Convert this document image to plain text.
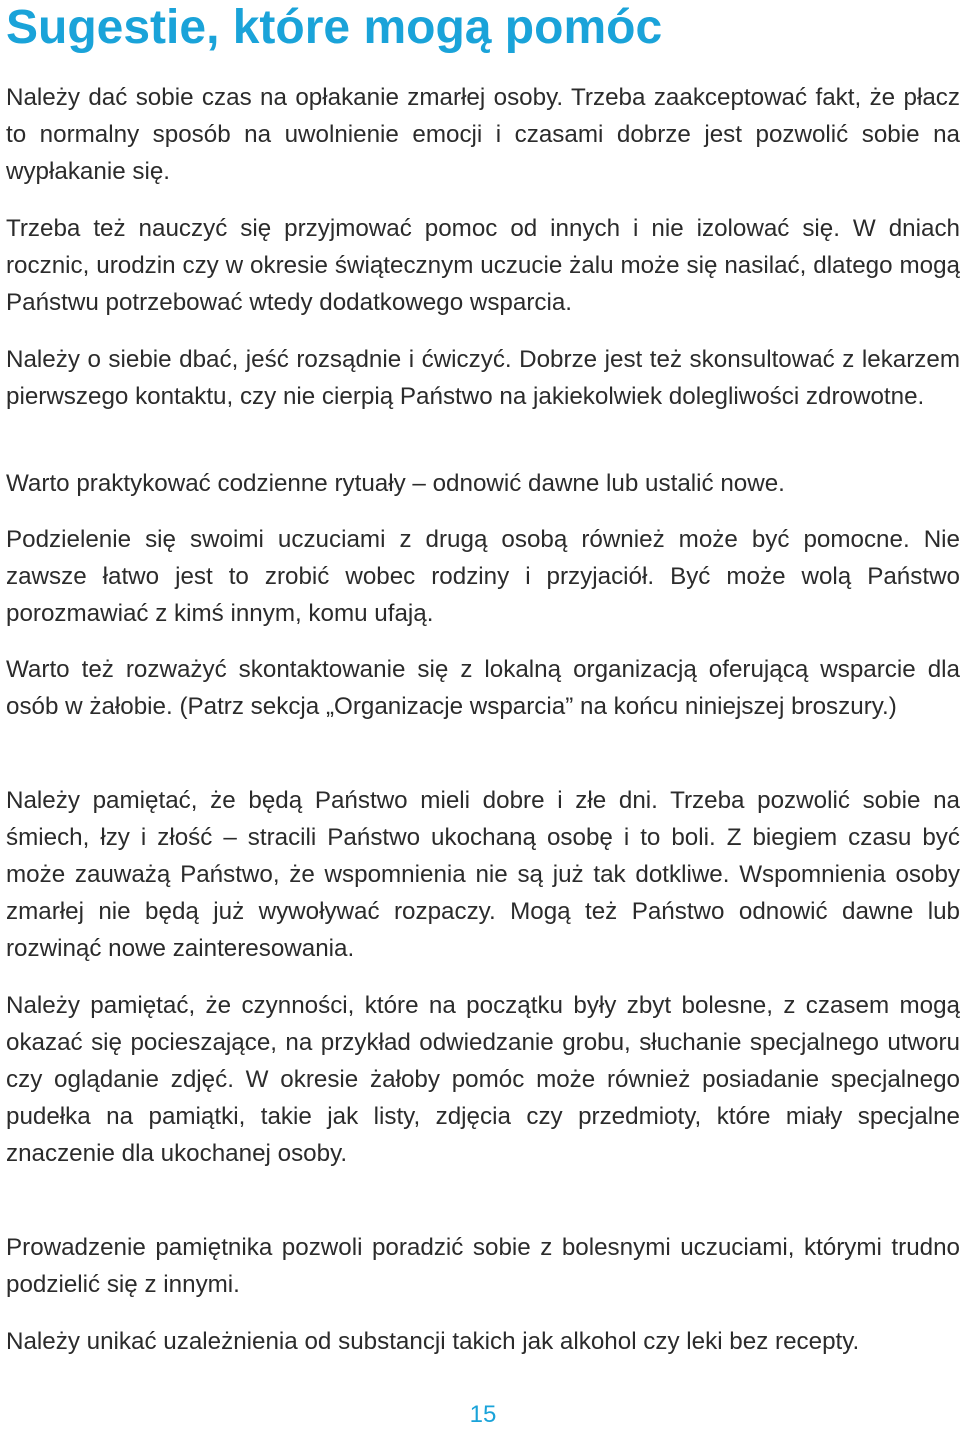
Sugestie, które mogą pomóc

Należy dać sobie czas na opłakanie zmarłej osoby. Trzeba zaakceptować fakt, że płacz to normalny sposób na uwolnienie emocji i czasami dobrze jest pozwolić sobie na wypłakanie się.

Trzeba też nauczyć się przyjmować pomoc od innych i nie izolować się. W dniach rocznic, urodzin czy w okresie świątecznym uczucie żalu może się nasilać, dlatego mogą Państwu potrzebować wtedy dodatkowego wsparcia.

Należy o siebie dbać, jeść rozsądnie i ćwiczyć. Dobrze jest też skonsultować z lekarzem pierwszego kontaktu, czy nie cierpią Państwo na jakiekolwiek dolegliwości zdrowotne.

Warto praktykować codzienne rytuały – odnowić dawne lub ustalić nowe.

Podzielenie się swoimi uczuciami z drugą osobą również może być pomocne. Nie zawsze łatwo jest to zrobić wobec rodziny i przyjaciół. Być może wolą Państwo porozmawiać z kimś innym, komu ufają.

Warto też rozważyć skontaktowanie się z lokalną organizacją oferującą wsparcie dla osób w żałobie. (Patrz sekcja „Organizacje wsparcia” na końcu niniejszej broszury.)

Należy pamiętać, że będą Państwo mieli dobre i złe dni. Trzeba pozwolić sobie na śmiech, łzy i złość – stracili Państwo ukochaną osobę i to boli. Z biegiem czasu być może zauważą Państwo, że wspomnienia nie są już tak dotkliwe. Wspomnienia osoby zmarłej nie będą już wywoływać rozpaczy. Mogą też Państwo odnowić dawne lub rozwinąć nowe zainteresowania.

Należy pamiętać, że czynności, które na początku były zbyt bolesne, z czasem mogą okazać się pocieszające, na przykład odwiedzanie grobu, słuchanie specjalnego utworu czy oglądanie zdjęć. W okresie żałoby pomóc może również posiadanie specjalnego pudełka na pamiątki, takie jak listy, zdjęcia czy przedmioty, które miały specjalne znaczenie dla ukochanej osoby.

Prowadzenie pamiętnika pozwoli poradzić sobie z bolesnymi uczuciami, którymi trudno podzielić się z innymi.

Należy unikać uzależnienia od substancji takich jak alkohol czy leki bez recepty.

15
